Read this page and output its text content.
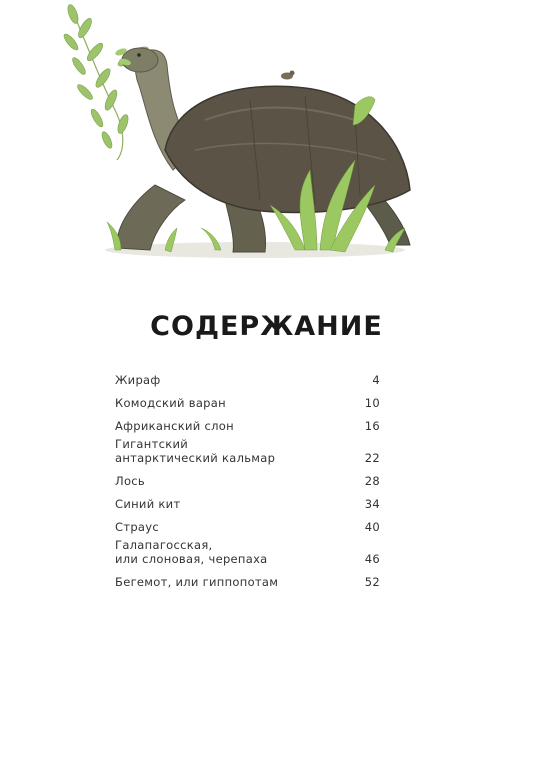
СОДЕРЖАНИЕ
Жираф	4
Комодский варан	10
Африканский слон	16
Гигантский
антарктический кальмар	22
Лось	28
Синий кит	34
Страус	40
Галапагосская,
или слоновая, черепаха	46
Бегемот, или гиппопотам	52
